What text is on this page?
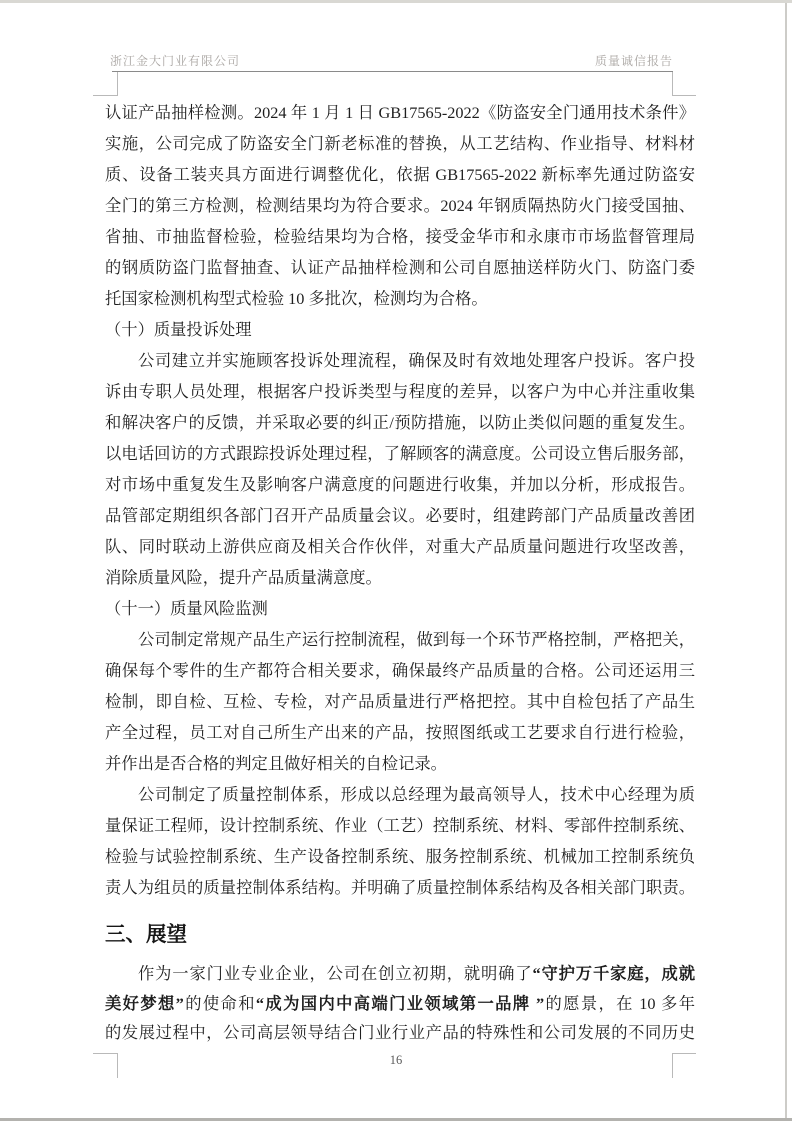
浙江金大门业有限公司	质量诚信报告
认证产品抽样检测。2024 年 1 月 1 日 GB17565-2022《防盗安全门通用技术条件》
实施，公司完成了防盗安全门新老标准的替换，从工艺结构、作业指导、材料材
质、设备工装夹具方面进行调整优化，依据 GB17565-2022 新标率先通过防盗安
全门的第三方检测，检测结果均为符合要求。2024 年钢质隔热防火门接受国抽、
省抽、市抽监督检验，检验结果均为合格，接受金华市和永康市市场监督管理局
的钢质防盗门监督抽查、认证产品抽样检测和公司自愿抽送样防火门、防盗门委
托国家检测机构型式检验 10 多批次，检测均为合格。
（十）质量投诉处理
公司建立并实施顾客投诉处理流程，确保及时有效地处理客户投诉。客户投
诉由专职人员处理，根据客户投诉类型与程度的差异，以客户为中心并注重收集
和解决客户的反馈，并采取必要的纠正/预防措施，以防止类似问题的重复发生。
以电话回访的方式跟踪投诉处理过程，了解顾客的满意度。公司设立售后服务部，
对市场中重复发生及影响客户满意度的问题进行收集，并加以分析，形成报告。
品管部定期组织各部门召开产品质量会议。必要时，组建跨部门产品质量改善团
队、同时联动上游供应商及相关合作伙伴，对重大产品质量问题进行攻坚改善，
消除质量风险，提升产品质量满意度。
（十一）质量风险监测
公司制定常规产品生产运行控制流程，做到每一个环节严格控制，严格把关，
确保每个零件的生产都符合相关要求，确保最终产品质量的合格。公司还运用三
检制，即自检、互检、专检，对产品质量进行严格把控。其中自检包括了产品生
产全过程，员工对自己所生产出来的产品，按照图纸或工艺要求自行进行检验，
并作出是否合格的判定且做好相关的自检记录。
公司制定了质量控制体系，形成以总经理为最高领导人，技术中心经理为质
量保证工程师，设计控制系统、作业（工艺）控制系统、材料、零部件控制系统、
检验与试验控制系统、生产设备控制系统、服务控制系统、机械加工控制系统负
责人为组员的质量控制体系结构。并明确了质量控制体系结构及各相关部门职责。
三、展望
作为一家门业专业企业，公司在创立初期，就明确了“守护万千家庭，成就
美好梦想”的使命和“成为国内中高端门业领域第一品牌 ”的愿景，在 10 多年
的发展过程中，公司高层领导结合门业行业产品的特殊性和公司发展的不同历史
16
